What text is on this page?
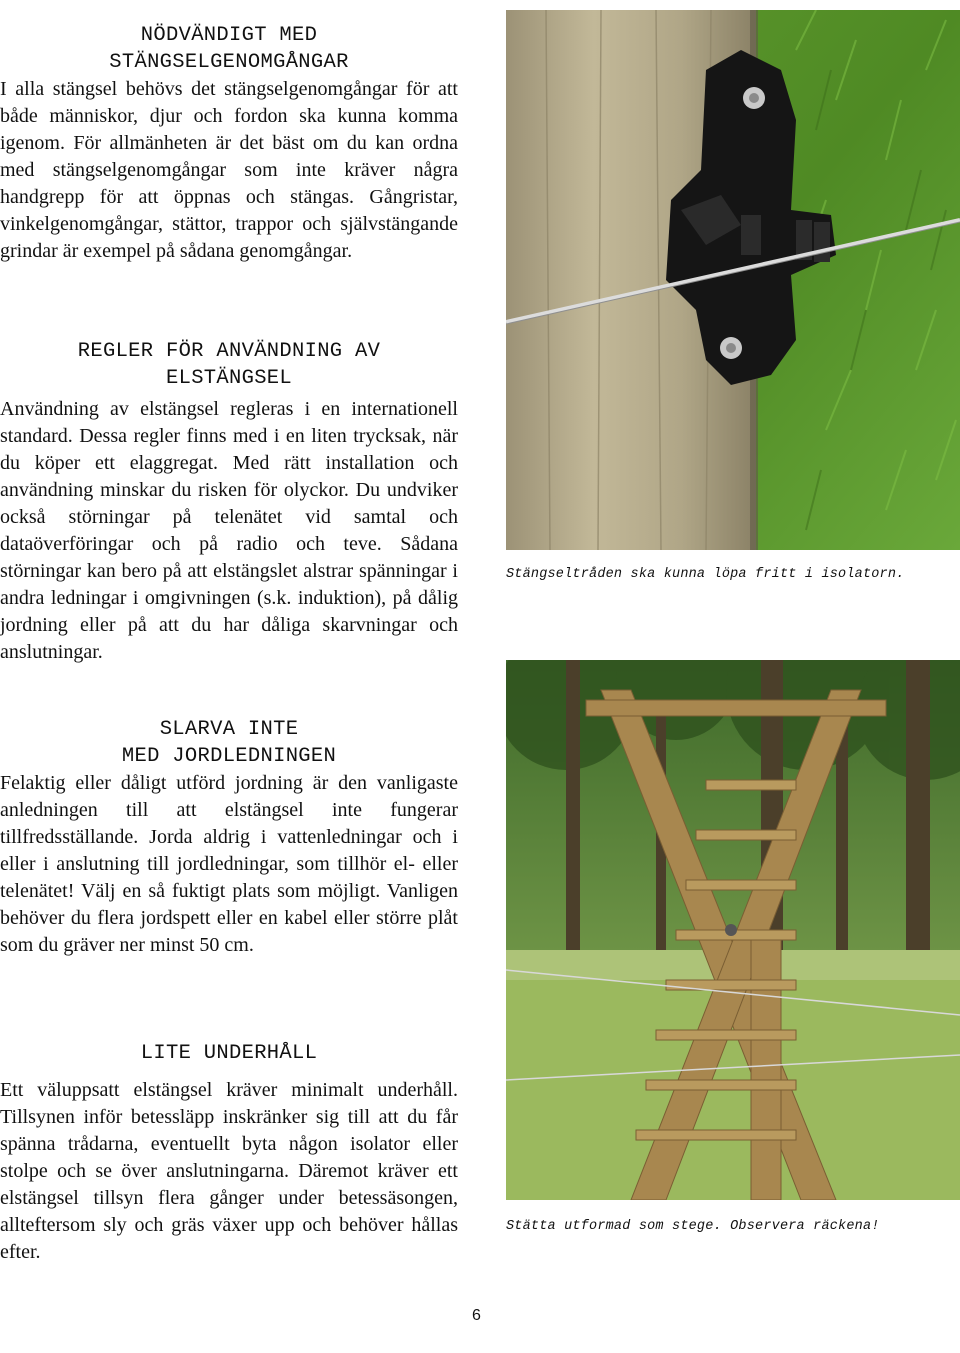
NÖDVÄNDIGT MED
STÄNGSELGENOMGÅNGAR

I alla stängsel behövs det stängselgenomgångar för att både människor, djur och fordon ska kunna komma igenom. För allmänheten är det bäst om du kan ordna med stängselgenomgångar som inte kräver några handgrepp för att öppnas och stängas. Gångristar, vinkelgenomgångar, stättor, trappor och självstängande grindar är exempel på sådana genomgångar.

REGLER FÖR ANVÄNDNING AV
ELSTÄNGSEL

Användning av elstängsel regleras i en internationell standard. Dessa regler finns med i en liten trycksak, när du köper ett elaggregat. Med rätt installation och användning minskar du risken för olyckor. Du undviker också störningar på telenätet vid samtal och dataöverföringar och på radio och teve. Sådana störningar kan bero på att elstängslet alstrar spänningar i andra ledningar i omgivningen (s.k. induktion), på dålig jordning eller på att du har dåliga skarvningar och anslutningar.

SLARVA INTE
MED JORDLEDNINGEN

Felaktig eller dåligt utförd jordning är den vanligaste anledningen till att elstängsel inte fungerar tillfredsställande. Jorda aldrig i vattenledningar och i eller i anslutning till jordledningar, som tillhör el- eller telenätet! Välj en så fuktigt plats som möjligt. Vanligen behöver du flera jordspett eller en kabel eller större plåt som du gräver ner minst 50 cm.

LITE UNDERHÅLL

Ett väluppsatt elstängsel kräver minimalt underhåll. Tillsynen inför betessläpp inskränker sig till att du får spänna trådarna, eventuellt byta någon isolator eller stolpe och se över anslutningarna. Däremot kräver ett elstängsel tillsyn flera gånger under betessäsongen, allteftersom sly och gräs växer upp och behöver hållas efter.

Stängseltråden ska kunna löpa fritt i isolatorn.
Stätta utformad som stege. Observera räckena!
6
